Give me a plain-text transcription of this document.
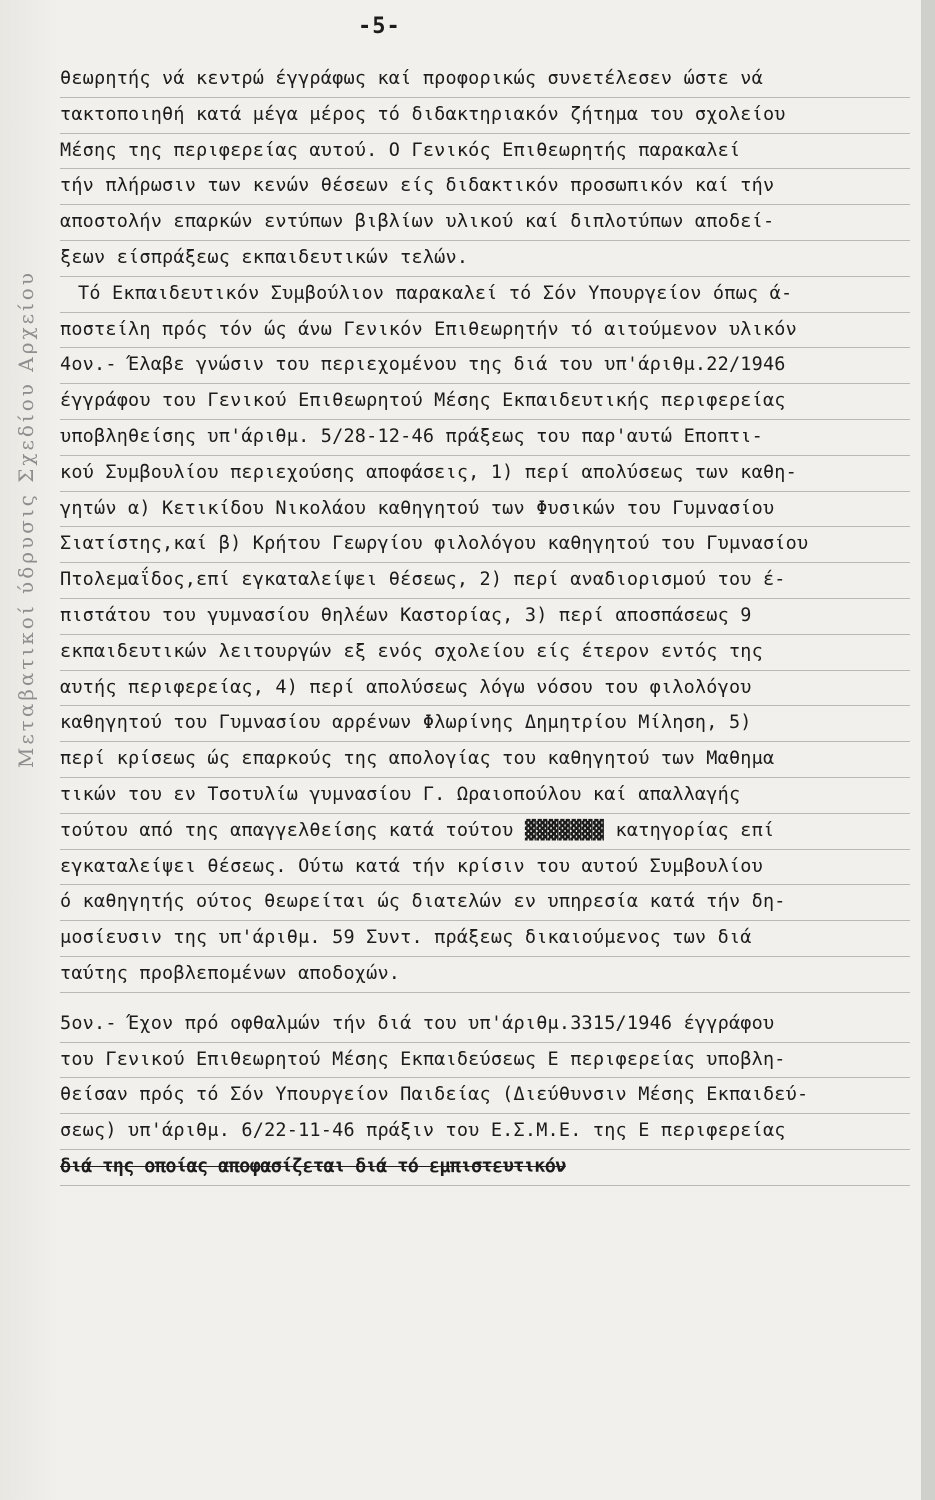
Μεταβατικοί ύδρυσις Σχεδίου Αρχείου
-5-
θεωρητής νά κεντρώ έγγράφως καί προφορικώς συνετέλεσεν ώστε νά
τακτοποιηθή κατά μέγα μέρος τό διδακτηριακόν ζήτημα του σχολείου
Μέσης της περιφερείας αυτού. Ο Γενικός Επιθεωρητής παρακαλεί
τήν πλήρωσιν των κενών θέσεων είς διδακτικόν προσωπικόν καί τήν
αποστολήν επαρκών εντύπων βιβλίων υλικού καί διπλοτύπων αποδεί-
ξεων είσπράξεως εκπαιδευτικών τελών.
Τό Εκπαιδευτικόν Συμβούλιον παρακαλεί τό Σόν Υπουργείον όπως ά-
ποστείλη πρός τόν ώς άνω Γενικόν Επιθεωρητήν τό αιτούμενον υλικόν
4ον.- Έλαβε γνώσιν του περιεχομένου της διά του υπ'άριθμ.22/1946
έγγράφου του Γενικού Επιθεωρητού Μέσης Εκπαιδευτικής περιφερείας
υποβληθείσης υπ'άριθμ. 5/28-12-46 πράξεως του παρ'αυτώ Εποπτι-
κού Συμβουλίου περιεχούσης αποφάσεις, 1) περί απολύσεως των καθη-
γητών α) Κετικίδου Νικολάου καθηγητού των Φυσικών του Γυμνασίου
Σιατίστης,καί β) Κρήτου Γεωργίου φιλολόγου καθηγητού του Γυμνασίου
Πτολεμαΐδος,επί εγκαταλείψει θέσεως, 2) περί αναδιορισμού του έ-
πιστάτου του γυμνασίου θηλέων Καστορίας, 3) περί αποσπάσεως 9
εκπαιδευτικών λειτουργών εξ ενός σχολείου είς έτερον εντός της
αυτής περιφερείας, 4) περί απολύσεως λόγω νόσου του φιλολόγου
καθηγητού του Γυμνασίου αρρένων Φλωρίνης Δημητρίου Μίληση, 5)
περί κρίσεως ώς επαρκούς της απολογίας του καθηγητού των Μαθημα
τικών του εν Τσοτυλίω γυμνασίου Γ. Ωραιοπούλου καί απαλλαγής
τούτου από της απαγγελθείσης κατά τούτου ▓▓▓▓▓▓▓ κατηγορίας επί
εγκαταλείψει θέσεως. Ούτω κατά τήν κρίσιν του αυτού Συμβουλίου
ό καθηγητής ούτος θεωρείται ώς διατελών εν υπηρεσία κατά τήν δη-
μοσίευσιν της υπ'άριθμ. 59 Συντ. πράξεως δικαιούμενος των διά
ταύτης προβλεπομένων αποδοχών.
5ον.- Έχον πρό οφθαλμών τήν διά του υπ'άριθμ.3315/1946 έγγράφου
του Γενικού Επιθεωρητού Μέσης Εκπαιδεύσεως Ε περιφερείας υποβλη-
θείσαν πρός τό Σόν Υπουργείον Παιδείας (Διεύθυνσιν Μέσης Εκπαιδεύ-
σεως) υπ'άριθμ. 6/22-11-46 πράξιν του Ε.Σ.Μ.Ε. της Ε περιφερείας
διά της οποίας αποφασίζεται διά τό εμπιστευτικόν
